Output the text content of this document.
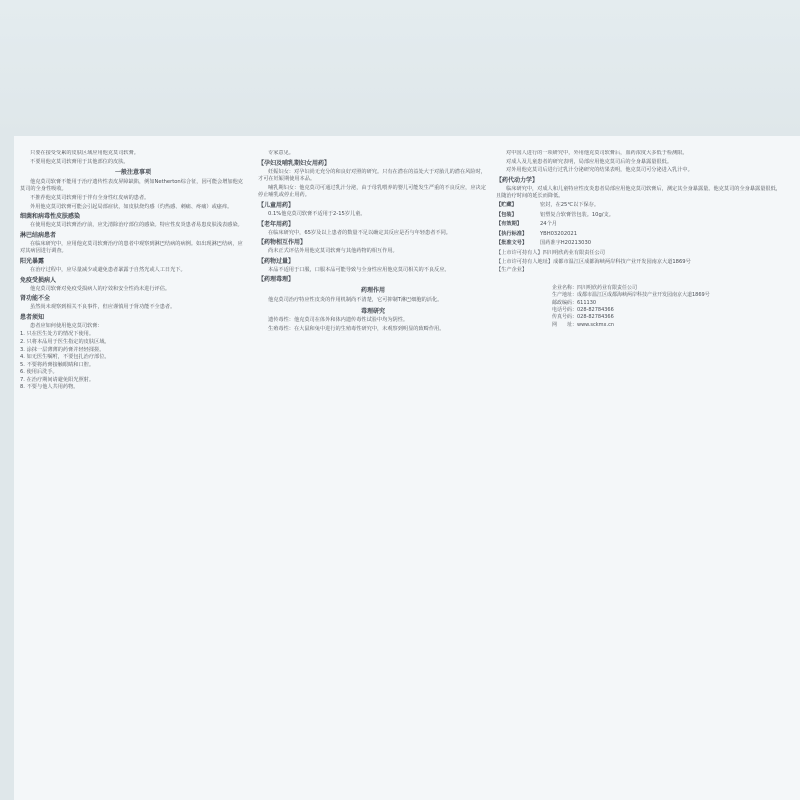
只要在接受受累的皮肤区域应用他克莫司软膏。

不要用他克莫司软膏用于其他部位的皮肤。

一般注意事项

他克莫司软膏不能用于治疗遗传性表皮屏障缺陷，例如Netherton综合征，因可能会增加他克莫司的全身性吸收。

不推荐他克莫司软膏用于伴有全身性红皮病的患者。

外用他克莫司软膏可能会引起局部症状，如皮肤烧灼感（灼热感、刺痛、疼痛）或瘙痒。

细菌和病毒性皮肤感染

在使用他克莫司软膏治疗前，应先清除治疗部位的感染。特应性皮炎患者易患皮肤浅表感染。

淋巴结病患者

在临床研究中，应用他克莫司软膏治疗的患者中观察到淋巴结病的病例。如出现淋巴结病，应对其病因进行调查。

阳光暴露

在治疗过程中，应尽量减少或避免患者暴露于自然光或人工日光下。

免疫受损病人

他克莫司软膏对免疫受损病人的疗效和安全性尚未进行评估。

肾功能不全

虽然尚未观察到相关不良事件，但应谨慎用于肾功能不全患者。

患者须知

患者应如何使用他克莫司软膏：

1. 只在医生处方的情况下使用。

2. 只将本品用于医生指定的皮肤区域。

3. 涂抹一层薄薄的药膏并轻轻揉搓。

4. 如无医生嘱咐，不要包扎治疗部位。

5. 不要将药膏接触眼睛和口腔。

6. 使用后洗手。

7. 在治疗期间请避免阳光照射。

8. 不要与他人共用药物。

专家意见。

【孕妇及哺乳期妇女用药】

妊娠妇女：对孕妇尚无充分的和良好对照的研究。只有在潜在的益处大于对胎儿的潜在风险时，才可在妊娠期使用本品。

哺乳期妇女：他克莫司可通过乳汁分泌，由于母乳喂养的婴儿可能发生严重的不良反应，应决定停止哺乳或停止用药。

【儿童用药】

0.1%他克莫司软膏不适用于2-15岁儿童。

【老年用药】

在临床研究中，65岁及以上患者的数量不足以确定其反应是否与年轻患者不同。

【药物相互作用】

尚未正式评估外用他克莫司软膏与其他药物的相互作用。

【药物过量】

本品不适用于口服，口服本品可能导致与全身性应用他克莫司相关的不良反应。

【药理毒理】
药理作用

他克莫司治疗特应性皮炎的作用机制尚不清楚，它可抑制T淋巴细胞的活化。

毒理研究

遗传毒性：他克莫司在体外和体内遗传毒性试验中均为阴性。

生殖毒性：在大鼠和兔中进行的生殖毒性研究中，未观察到明显的致畸作用。

对中国人进行的一项研究中，外用他克莫司软膏后，血药浓度大多低于检测限。

对成人及儿童患者的研究表明，局部应用他克莫司后的全身暴露量很低。

对外用他克莫司后进行过乳汁分泌研究的结果表明，他克莫司可分泌进入乳汁中。

【药代动力学】

临床研究中，对成人和儿童特应性皮炎患者局部应用他克莫司软膏后，测定其全身暴露量。他克莫司的全身暴露量很低，且随治疗时间的延长而降低。

【贮藏】	密封，在25℃以下保存。
【包装】	铝塑复合软膏管包装。10g/支。
【有效期】	24个月
【执行标准】	YBH03202021
【批准文号】	国药准字H20213030

【上市许可持有人】四川明欣药业有限责任公司

【上市许可持有人地址】成都市温江区成都海峡两岸科技产业开发园南京大道1869号

【生产企业】

企业名称：四川明欣药业有限责任公司

生产地址：成都市温江区成都海峡两岸科技产业开发园南京大道1869号

邮政编码：611130

电话号码：028-82784366

传真号码：028-82784366

网　　址：www.sckmx.cn
